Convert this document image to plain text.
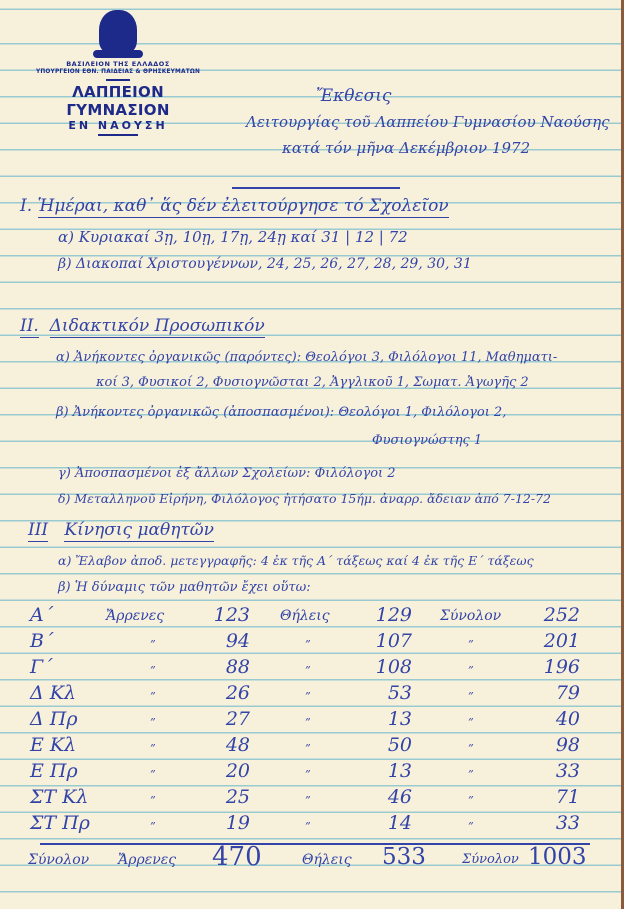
ΒΑΣΙΛΕΙΟΝ ΤΗΣ ΕΛΛΑΔΟΣ
ΥΠΟΥΡΓΕΙΟΝ ΕΘΝ. ΠΑΙΔΕΙΑΣ & ΘΡΗΣΚΕΥΜΑΤΩΝ
ΛΑΠΠΕΙΟΝ ΓΥΜΝΑΣΙΟΝ
ΕΝ ΝΑΟΥΣΗ
Ἔκθεσις
Λειτουργίας τοῦ Λαππείου Γυμνασίου Ναούσης
κατά τόν μῆνα Δεκέμβριον 1972
I. Ἡμέραι, καθ᾽ ἅς δέν ἐλειτούργησε τό Σχολεῖον
α) Κυριακαί 3ῃ, 10ῃ, 17ῃ, 24ῃ καί 31 | 12 | 72
β) Διακοπαί Χριστουγέννων, 24, 25, 26, 27, 28, 29, 30, 31
II. Διδακτικόν Προσωπικόν
α) Ἀνήκοντες ὀργανικῶς (παρόντες): Θεολόγοι 3, Φιλόλογοι 11, Μαθηματι-
κοί 3, Φυσικοί 2, Φυσιογνῶσται 2, Ἀγγλικοῦ 1, Σωματ. Ἀγωγῆς 2
β) Ἀνήκοντες ὀργανικῶς (ἀποσπασμένοι): Θεολόγοι 1, Φιλόλογοι 2,
Φυσιογνώστης 1
γ) Ἀποσπασμένοι ἐξ ἄλλων Σχολείων: Φιλόλογοι 2
δ) Μεταλληνοῦ Εἰρήνη, Φιλόλογος ἠτήσατο 15ήμ. ἀναρρ. ἄδειαν ἀπό 7-12-72
III Κίνησις μαθητῶν
α) Ἔλαβον ἀποδ. μετεγγραφῆς: 4 ἐκ τῆς Α΄ τάξεως καί 4 ἐκ τῆς Ε΄ τάξεως
β) Ἡ δύναμις τῶν μαθητῶν ἔχει οὕτω:
Α΄	Ἄρρενες	123 Θήλεις 129 Σύνολον	252
Β΄	”	94	”	107	”	201
Γ΄	”	88	”	108	”	196
Δ Κλ	”	26	”	53	”	79
Δ Πρ	”	27	”	13	”	40
Ε Κλ	”	48	”	50	”	98
Ε Πρ	”	20	”	13	”	33
ΣΤ Κλ	”	25	”	46	”	71
ΣΤ Πρ	”	19	”	14	”	33
Σύνολον Ἄρρενες 470	Θήλεις 533	Σύνολον 1003
